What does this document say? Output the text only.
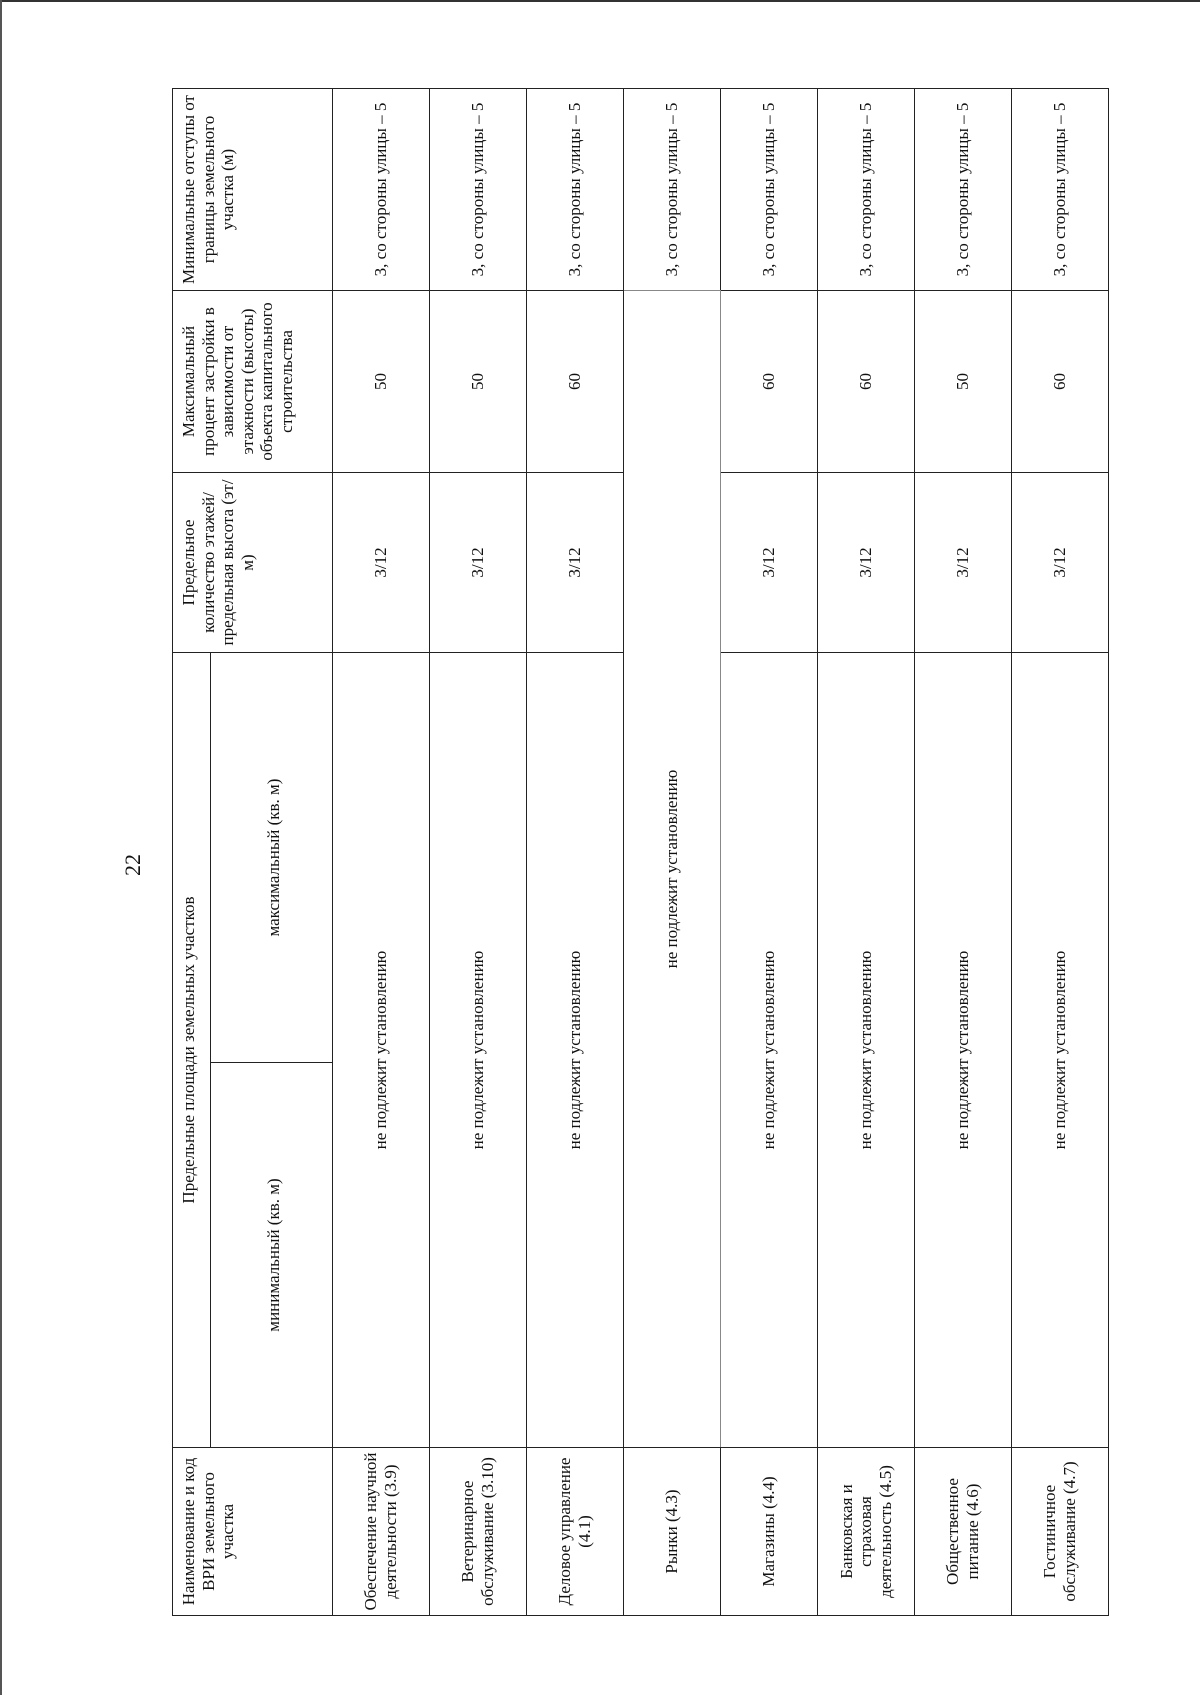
22
Наименование и код ВРИ земельного участка	Предельные площади земельных участков		Предельное количество этажей/ предельная высота (эт/м)	Максимальный процент застройки в зависимости от этажности (высоты) объекта капитального строительства	Минимальные отступы от границы земельного участка (м)
	минимальный (кв. м)	максимальный (кв. м)			
Обеспечение научной деятельности (3.9)	не подлежит установлению		3/12	50	3, со стороны улицы – 5
Ветеринарное обслуживание (3.10)	не подлежит установлению		3/12	50	3, со стороны улицы – 5
Деловое управление (4.1)	не подлежит установлению		3/12	60	3, со стороны улицы – 5
Рынки (4.3)	не подлежит установлению				3, со стороны улицы – 5
Магазины (4.4)	не подлежит установлению		3/12	60	3, со стороны улицы – 5
Банковская и страховая деятельность (4.5)	не подлежит установлению		3/12	60	3, со стороны улицы – 5
Общественное питание (4.6)	не подлежит установлению		3/12	50	3, со стороны улицы – 5
Гостиничное обслуживание (4.7)	не подлежит установлению		3/12	60	3, со стороны улицы – 5
